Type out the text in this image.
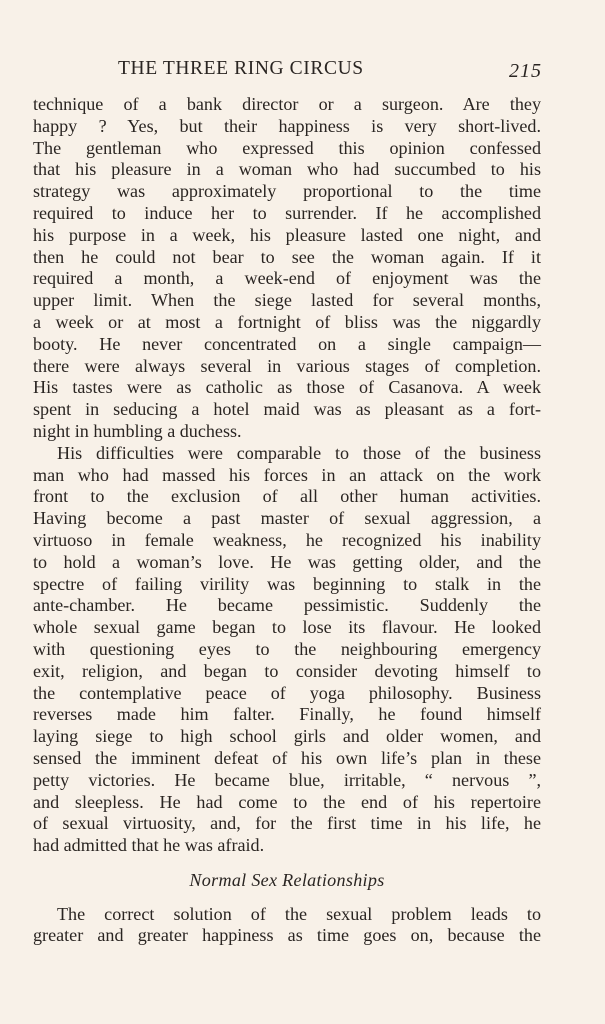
THE THREE RING CIRCUS	215
technique of a bank director or a surgeon. Are they
happy ? Yes, but their happiness is very short-lived.
The gentleman who expressed this opinion confessed
that his pleasure in a woman who had succumbed to his
strategy was approximately proportional to the time
required to induce her to surrender. If he accomplished
his purpose in a week, his pleasure lasted one night, and
then he could not bear to see the woman again. If it
required a month, a week-end of enjoyment was the
upper limit. When the siege lasted for several months,
a week or at most a fortnight of bliss was the niggardly
booty. He never concentrated on a single campaign—
there were always several in various stages of completion.
His tastes were as catholic as those of Casanova. A week
spent in seducing a hotel maid was as pleasant as a fort-
night in humbling a duchess.
His difficulties were comparable to those of the business
man who had massed his forces in an attack on the work
front to the exclusion of all other human activities.
Having become a past master of sexual aggression, a
virtuoso in female weakness, he recognized his inability
to hold a woman’s love. He was getting older, and the
spectre of failing virility was beginning to stalk in the
ante-chamber. He became pessimistic. Suddenly the
whole sexual game began to lose its flavour. He looked
with questioning eyes to the neighbouring emergency
exit, religion, and began to consider devoting himself to
the contemplative peace of yoga philosophy. Business
reverses made him falter. Finally, he found himself
laying siege to high school girls and older women, and
sensed the imminent defeat of his own life’s plan in these
petty victories. He became blue, irritable, “ nervous ”,
and sleepless. He had come to the end of his repertoire
of sexual virtuosity, and, for the first time in his life, he
had admitted that he was afraid.
Normal Sex Relationships
The correct solution of the sexual problem leads to
greater and greater happiness as time goes on, because the
